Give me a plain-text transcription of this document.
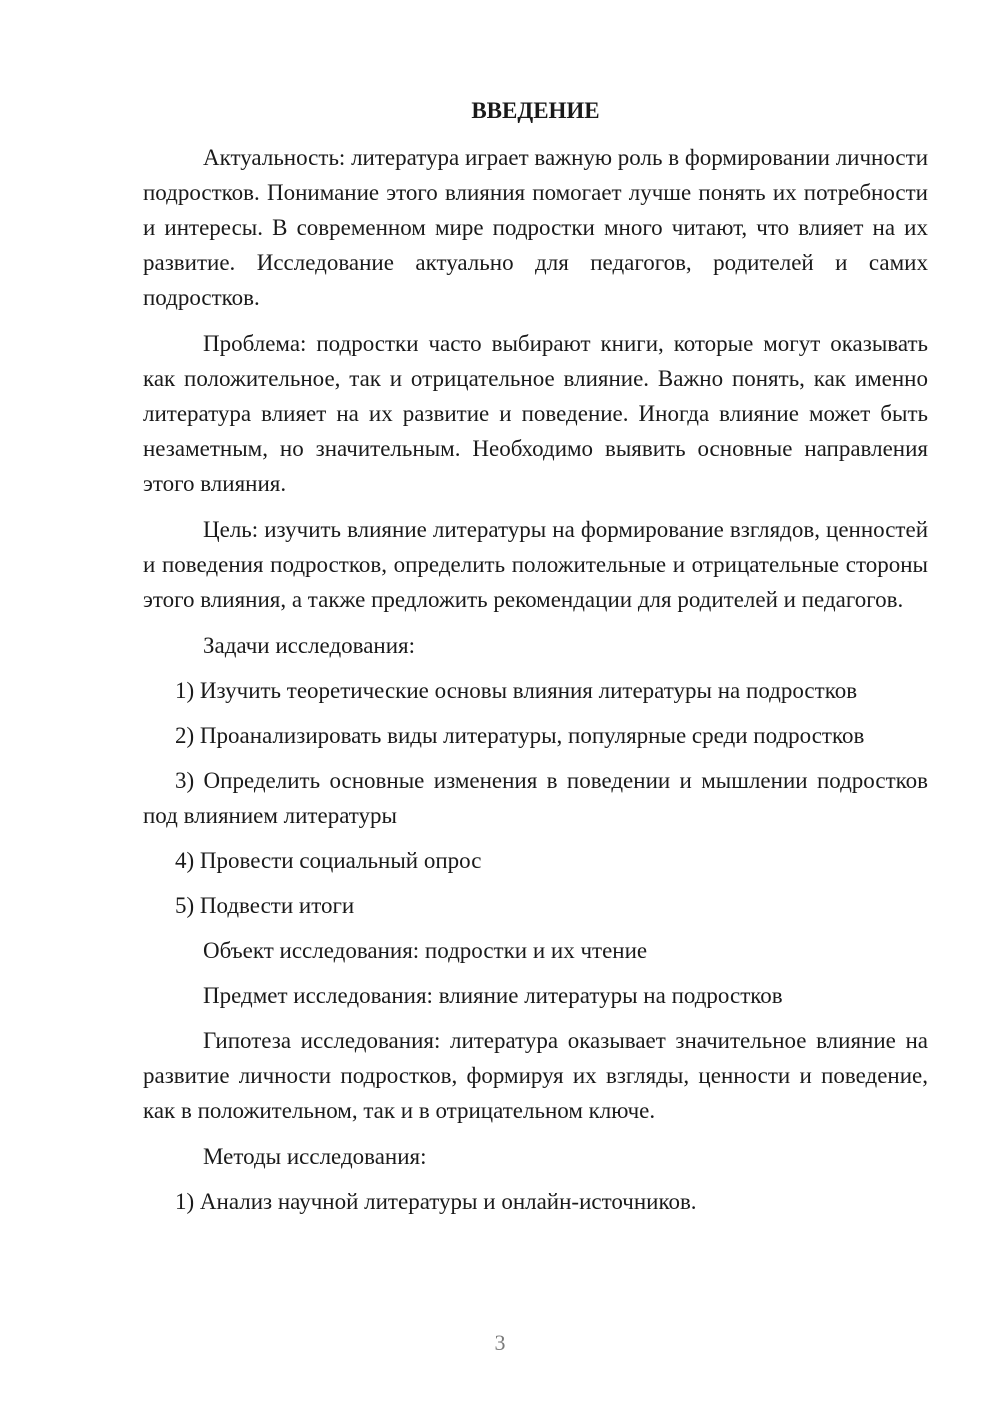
ВВЕДЕНИЕ

Актуальность: литература играет важную роль в формировании личности подростков. Понимание этого влияния помогает лучше понять их потребности и интересы. В современном мире подростки много читают, что влияет на их развитие. Исследование актуально для педагогов, родителей и самих подростков.

Проблема: подростки часто выбирают книги, которые могут оказывать как положительное, так и отрицательное влияние. Важно понять, как именно литература влияет на их развитие и поведение. Иногда влияние может быть незаметным, но значительным. Необходимо выявить основные направления этого влияния.

Цель: изучить влияние литературы на формирование взглядов, ценностей и поведения подростков, определить положительные и отрицательные стороны этого влияния, а также предложить рекомендации для родителей и педагогов.

Задачи исследования:

1) Изучить теоретические основы влияния литературы на подростков

2) Проанализировать виды литературы, популярные среди подростков

3) Определить основные изменения в поведении и мышлении подростков под влиянием литературы

4) Провести социальный опрос

5) Подвести итоги

Объект исследования: подростки и их чтение

Предмет исследования: влияние литературы на подростков

Гипотеза исследования: литература оказывает значительное влияние на развитие личности подростков, формируя их взгляды, ценности и поведение, как в положительном, так и в отрицательном ключе.

Методы исследования:

1) Анализ научной литературы и онлайн-источников.

3
